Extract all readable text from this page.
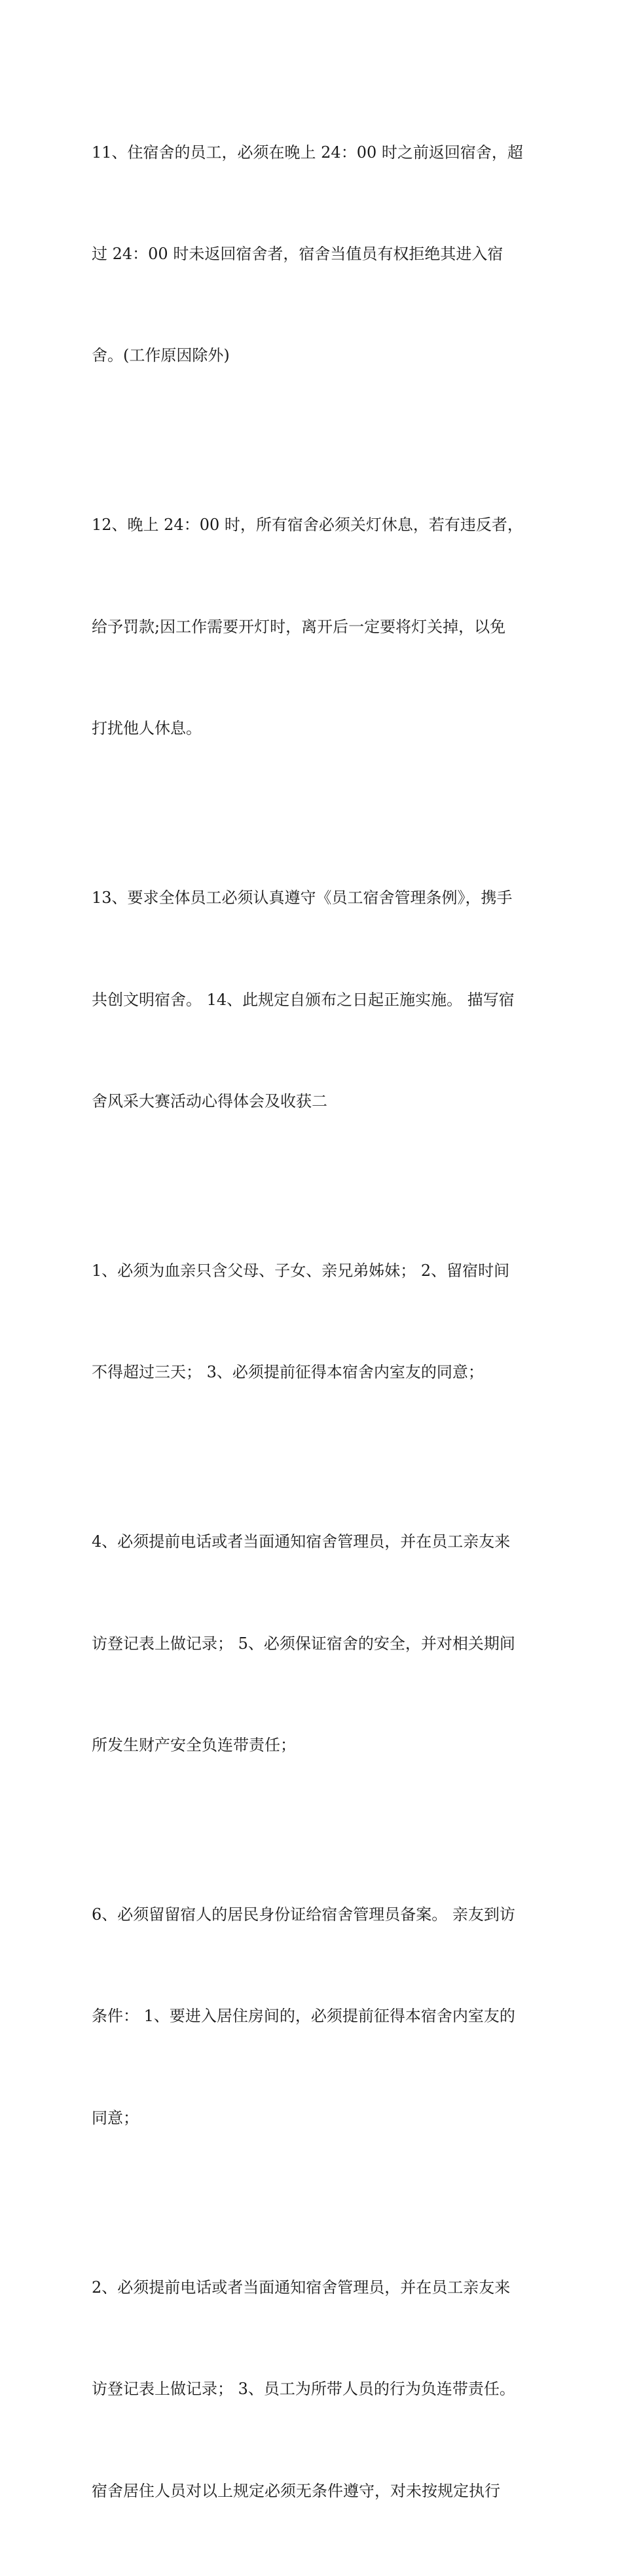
11、住宿舍的员工，必须在晚上 24：00 时之前返回宿舍，超

过 24：00 时未返回宿舍者，宿舍当值员有权拒绝其进入宿

舍。(工作原因除外)

12、晚上 24：00 时，所有宿舍必须关灯休息，若有违反者，

给予罚款;因工作需要开灯时，离开后一定要将灯关掉，以免

打扰他人休息。

13、要求全体员工必须认真遵守《员工宿舍管理条例》，携手

共创文明宿舍。 14、此规定自颁布之日起正施实施。 描写宿

舍风采大赛活动心得体会及收获二

1、必须为血亲只含父母、子女、亲兄弟姊妹； 2、留宿时间

不得超过三天； 3、必须提前征得本宿舍内室友的同意；

4、必须提前电话或者当面通知宿舍管理员，并在员工亲友来

访登记表上做记录； 5、必须保证宿舍的安全，并对相关期间

所发生财产安全负连带责任；

6、必须留留宿人的居民身份证给宿舍管理员备案。 亲友到访

条件： 1、要进入居住房间的，必须提前征得本宿舍内室友的

同意；

2、必须提前电话或者当面通知宿舍管理员，并在员工亲友来

访登记表上做记录； 3、员工为所带人员的行为负连带责任。

宿舍居住人员对以上规定必须无条件遵守，对未按规定执行
